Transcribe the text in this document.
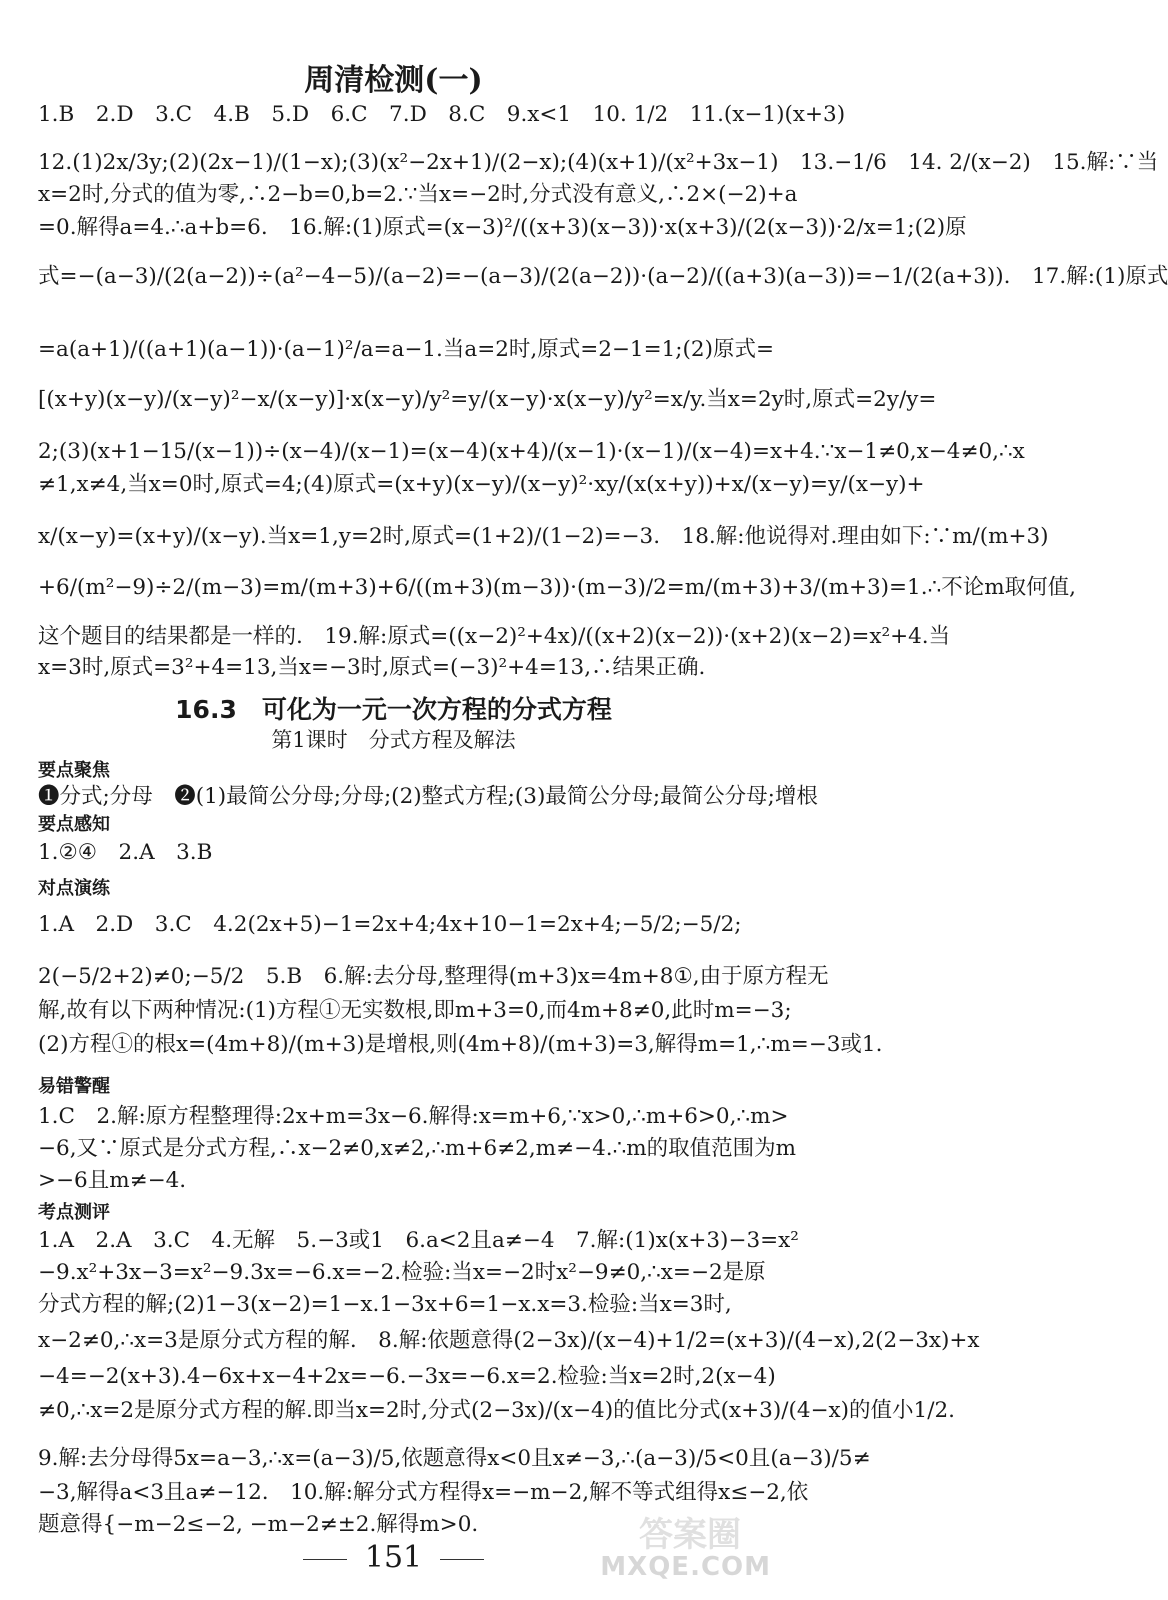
周清检测(一)
1.B　2.D　3.C　4.B　5.D　6.C　7.D　8.C　9.x<1　10. 1/2　11.(x−1)(x+3)
12.(1)2x/3y;(2)(2x−1)/(1−x);(3)(x²−2x+1)/(2−x);(4)(x+1)/(x²+3x−1)　13.−1/6　14. 2/(x−2)　15.解:∵当
x=2时,分式的值为零,∴2−b=0,b=2.∵当x=−2时,分式没有意义,∴2×(−2)+a
=0.解得a=4.∴a+b=6.　16.解:(1)原式=(x−3)²/((x+3)(x−3))·x(x+3)/(2(x−3))·2/x=1;(2)原
式=−(a−3)/(2(a−2))÷(a²−4−5)/(a−2)=−(a−3)/(2(a−2))·(a−2)/((a+3)(a−3))=−1/(2(a+3)).　17.解:(1)原式
=a(a+1)/((a+1)(a−1))·(a−1)²/a=a−1.当a=2时,原式=2−1=1;(2)原式=
[(x+y)(x−y)/(x−y)²−x/(x−y)]·x(x−y)/y²=y/(x−y)·x(x−y)/y²=x/y.当x=2y时,原式=2y/y=
2;(3)(x+1−15/(x−1))÷(x−4)/(x−1)=(x−4)(x+4)/(x−1)·(x−1)/(x−4)=x+4.∵x−1≠0,x−4≠0,∴x
≠1,x≠4,当x=0时,原式=4;(4)原式=(x+y)(x−y)/(x−y)²·xy/(x(x+y))+x/(x−y)=y/(x−y)+
x/(x−y)=(x+y)/(x−y).当x=1,y=2时,原式=(1+2)/(1−2)=−3.　18.解:他说得对.理由如下:∵m/(m+3)
+6/(m²−9)÷2/(m−3)=m/(m+3)+6/((m+3)(m−3))·(m−3)/2=m/(m+3)+3/(m+3)=1.∴不论m取何值,
这个题目的结果都是一样的.　19.解:原式=((x−2)²+4x)/((x+2)(x−2))·(x+2)(x−2)=x²+4.当
x=3时,原式=3²+4=13,当x=−3时,原式=(−3)²+4=13,∴结果正确.
16.3　可化为一元一次方程的分式方程
第1课时　分式方程及解法
要点聚焦
❶分式;分母　❷(1)最简公分母;分母;(2)整式方程;(3)最简公分母;最简公分母;增根
要点感知
1.②④　2.A　3.B
对点演练
1.A　2.D　3.C　4.2(2x+5)−1=2x+4;4x+10−1=2x+4;−5/2;−5/2;
2(−5/2+2)≠0;−5/2　5.B　6.解:去分母,整理得(m+3)x=4m+8①,由于原方程无
解,故有以下两种情况:(1)方程①无实数根,即m+3=0,而4m+8≠0,此时m=−3;
(2)方程①的根x=(4m+8)/(m+3)是增根,则(4m+8)/(m+3)=3,解得m=1,∴m=−3或1.
易错警醒
1.C　2.解:原方程整理得:2x+m=3x−6.解得:x=m+6,∵x>0,∴m+6>0,∴m>
−6,又∵原式是分式方程,∴x−2≠0,x≠2,∴m+6≠2,m≠−4.∴m的取值范围为m
>−6且m≠−4.
考点测评
1.A　2.A　3.C　4.无解　5.−3或1　6.a<2且a≠−4　7.解:(1)x(x+3)−3=x²
−9.x²+3x−3=x²−9.3x=−6.x=−2.检验:当x=−2时x²−9≠0,∴x=−2是原
分式方程的解;(2)1−3(x−2)=1−x.1−3x+6=1−x.x=3.检验:当x=3时,
x−2≠0,∴x=3是原分式方程的解.　8.解:依题意得(2−3x)/(x−4)+1/2=(x+3)/(4−x),2(2−3x)+x
−4=−2(x+3).4−6x+x−4+2x=−6.−3x=−6.x=2.检验:当x=2时,2(x−4)
≠0,∴x=2是原分式方程的解.即当x=2时,分式(2−3x)/(x−4)的值比分式(x+3)/(4−x)的值小1/2.
9.解:去分母得5x=a−3,∴x=(a−3)/5,依题意得x<0且x≠−3,∴(a−3)/5<0且(a−3)/5≠
−3,解得a<3且a≠−12.　10.解:解分式方程得x=−m−2,解不等式组得x≤−2,依
题意得{−m−2≤−2, −m−2≠±2.解得m>0.
151
答案圈
MXQE.COM
